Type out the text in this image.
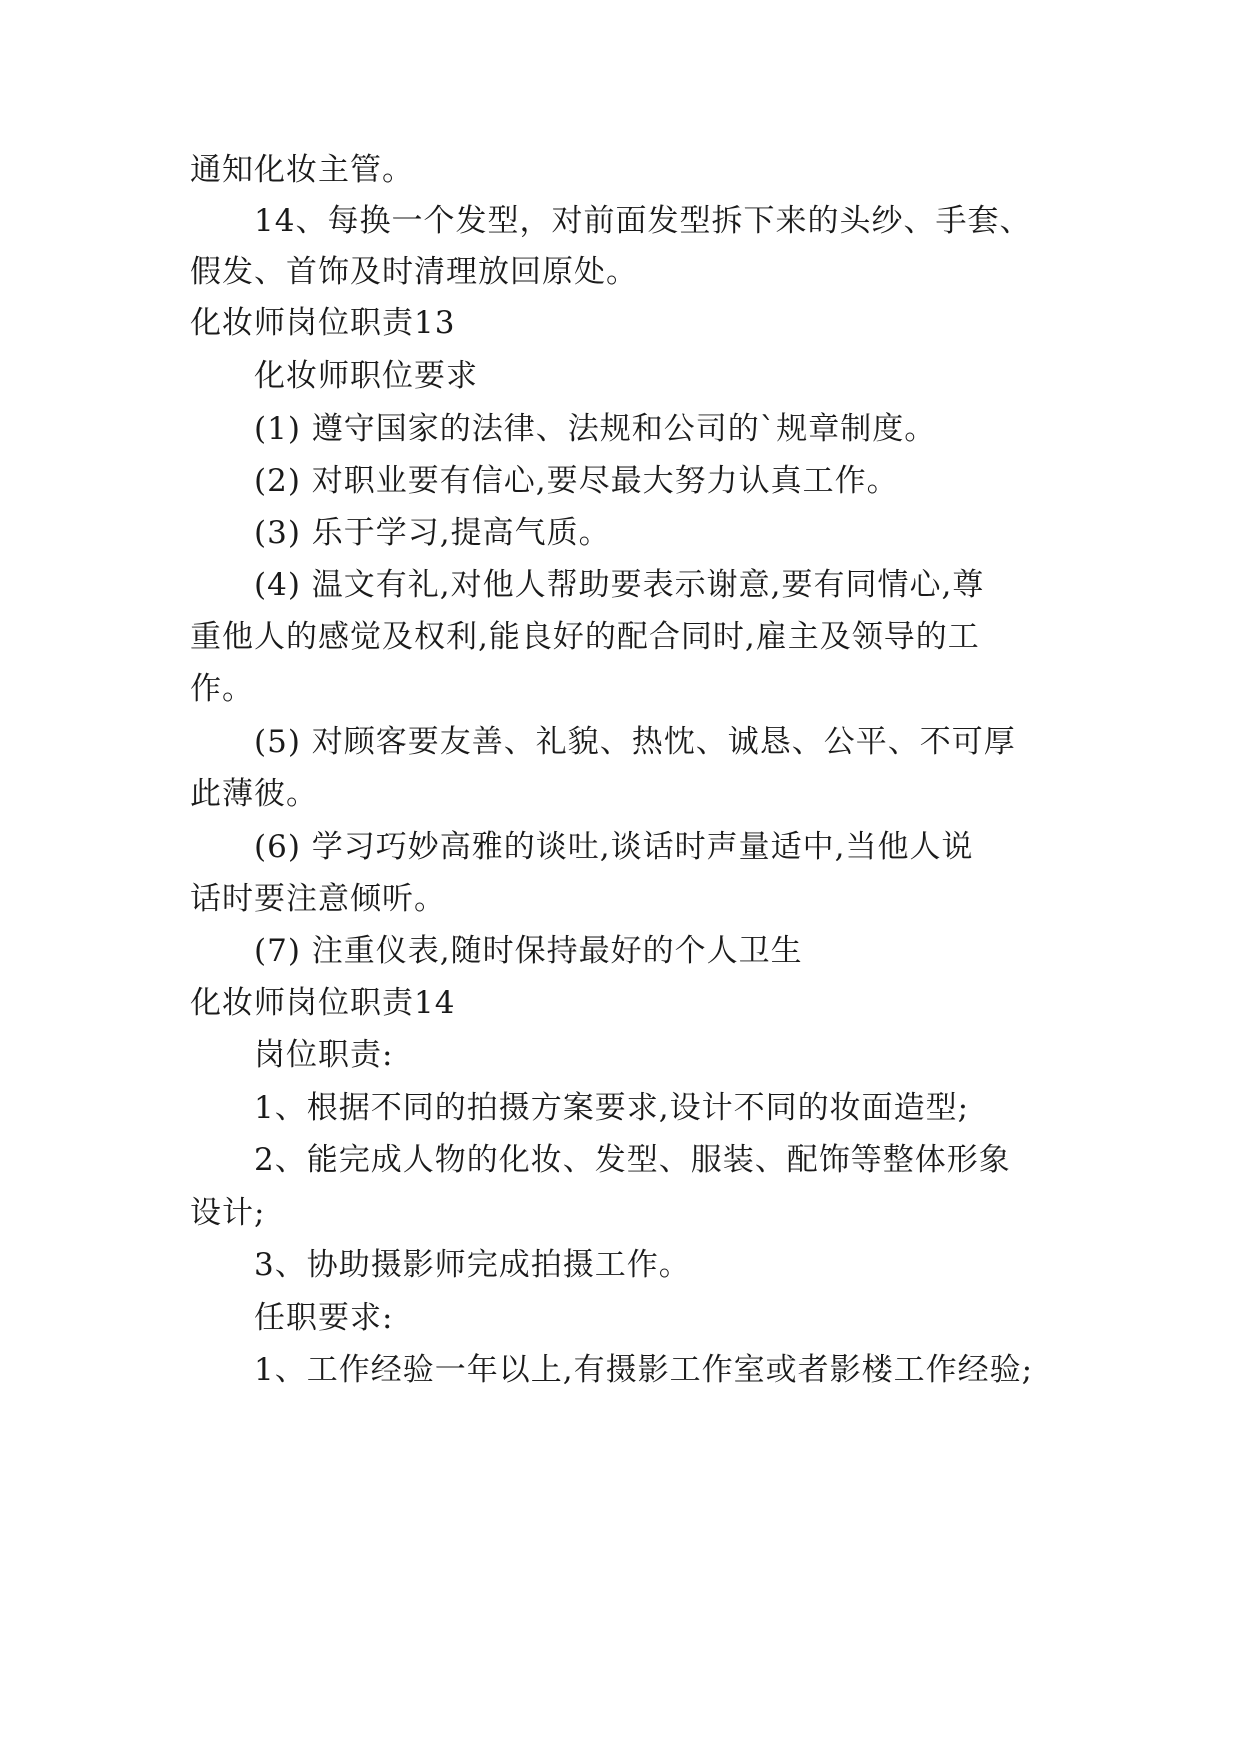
通知化妆主管。
14、每换一个发型，对前面发型拆下来的头纱、手套、
假发、首饰及时清理放回原处。
化妆师岗位职责13
化妆师职位要求
(1) 遵守国家的法律、法规和公司的`规章制度。
(2) 对职业要有信心,要尽最大努力认真工作。
(3) 乐于学习,提高气质。
(4) 温文有礼,对他人帮助要表示谢意,要有同情心,尊
重他人的感觉及权利,能良好的配合同时,雇主及领导的工
作。
(5) 对顾客要友善、礼貌、热忱、诚恳、公平、不可厚
此薄彼。
(6) 学习巧妙高雅的谈吐,谈话时声量适中,当他人说
话时要注意倾听。
(7) 注重仪表,随时保持最好的个人卫生
化妆师岗位职责14
岗位职责:
1、根据不同的拍摄方案要求,设计不同的妆面造型;
2、能完成人物的化妆、发型、服装、配饰等整体形象
设计;
3、协助摄影师完成拍摄工作。
任职要求:
1、工作经验一年以上,有摄影工作室或者影楼工作经验;
